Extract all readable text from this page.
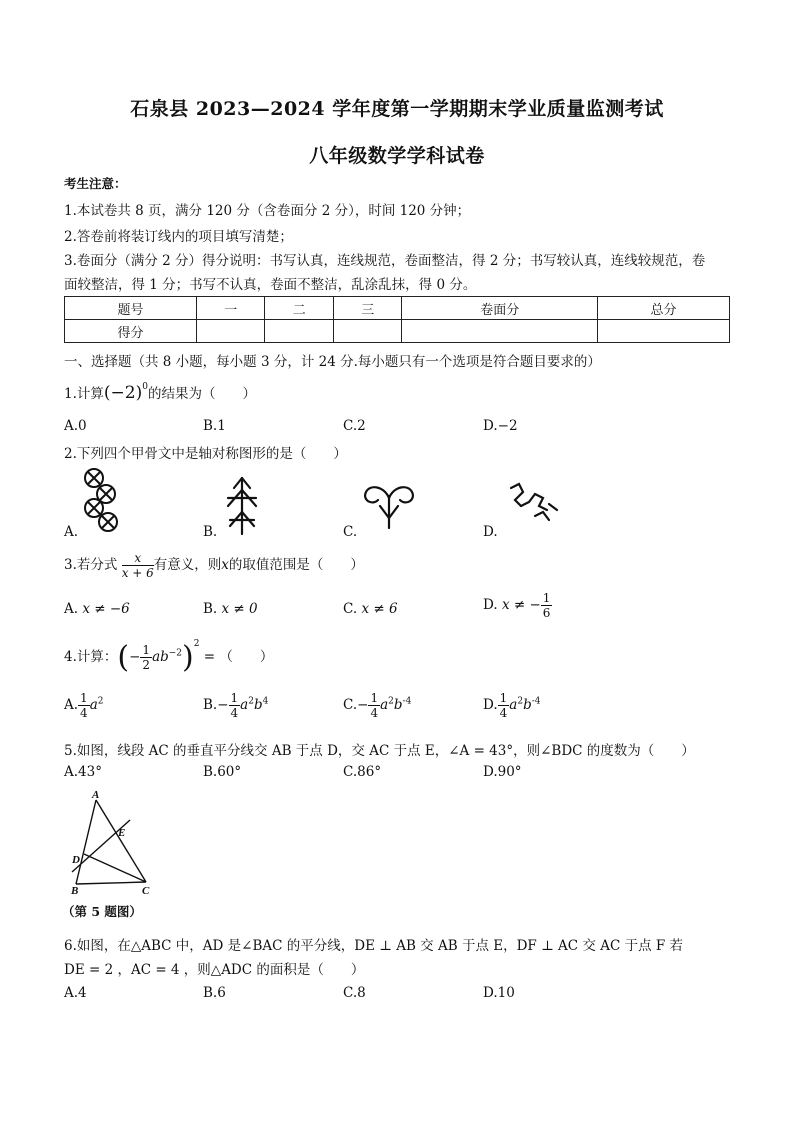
石泉县 2023—2024 学年度第一学期期末学业质量监测考试
八年级数学学科试卷
考生注意：
1.本试卷共 8 页，满分 120 分（含卷面分 2 分），时间 120 分钟；
2.答卷前将装订线内的项目填写清楚；
3.卷面分（满分 2 分）得分说明：书写认真，连线规范，卷面整洁，得 2 分；书写较认真，连线较规范，卷
面较整洁，得 1 分；书写不认真，卷面不整洁，乱涂乱抹，得 0 分。
题号	一	二	三	卷面分	总分
得分					
一、选择题（共 8 小题，每小题 3 分，计 24 分.每小题只有一个选项是符合题目要求的）
1.计算$(-2)^0$的结果为（　　）
A.0	B.1	C.2	D.−2
2.下列四个甲骨文中是轴对称图形的是（　　）
A.	B.	C.	D.
3.若分式 $\frac{x}{x + 6}$ 有意义，则x的取值范围是（　　）
A. x ≠ −6	B. x ≠ 0	C. x ≠ 6	D. x ≠ − $\frac{1}{6}$
4.计算：(− $\frac{1}{2} ab^{-2})^2$ = （　　）
A. $\frac{1}{4} a^2$	$B.- \frac{1}{4} a^2b^4$	$C.- \frac{1}{4} a^2b^{-4}$	D. $\frac{1}{4} a^2b^{-4}$
5.如图，线段 AC 的垂直平分线交 AB 于点 D，交 AC 于点 E，∠A = 43°，则∠BDC 的度数为（　　）
A.43°	B.60°	C.86°	D.90°
A
E
D
B	C
（第 5 题图）
6.如图，在△ABC 中，AD 是∠BAC 的平分线，DE ⊥ AB 交 AB 于点 E，DF ⊥ AC 交 AC 于点 F 若
DE = 2 ，AC = 4 ，则△ADC 的面积是（　　）
A.4	B.6	C.8	D.10
